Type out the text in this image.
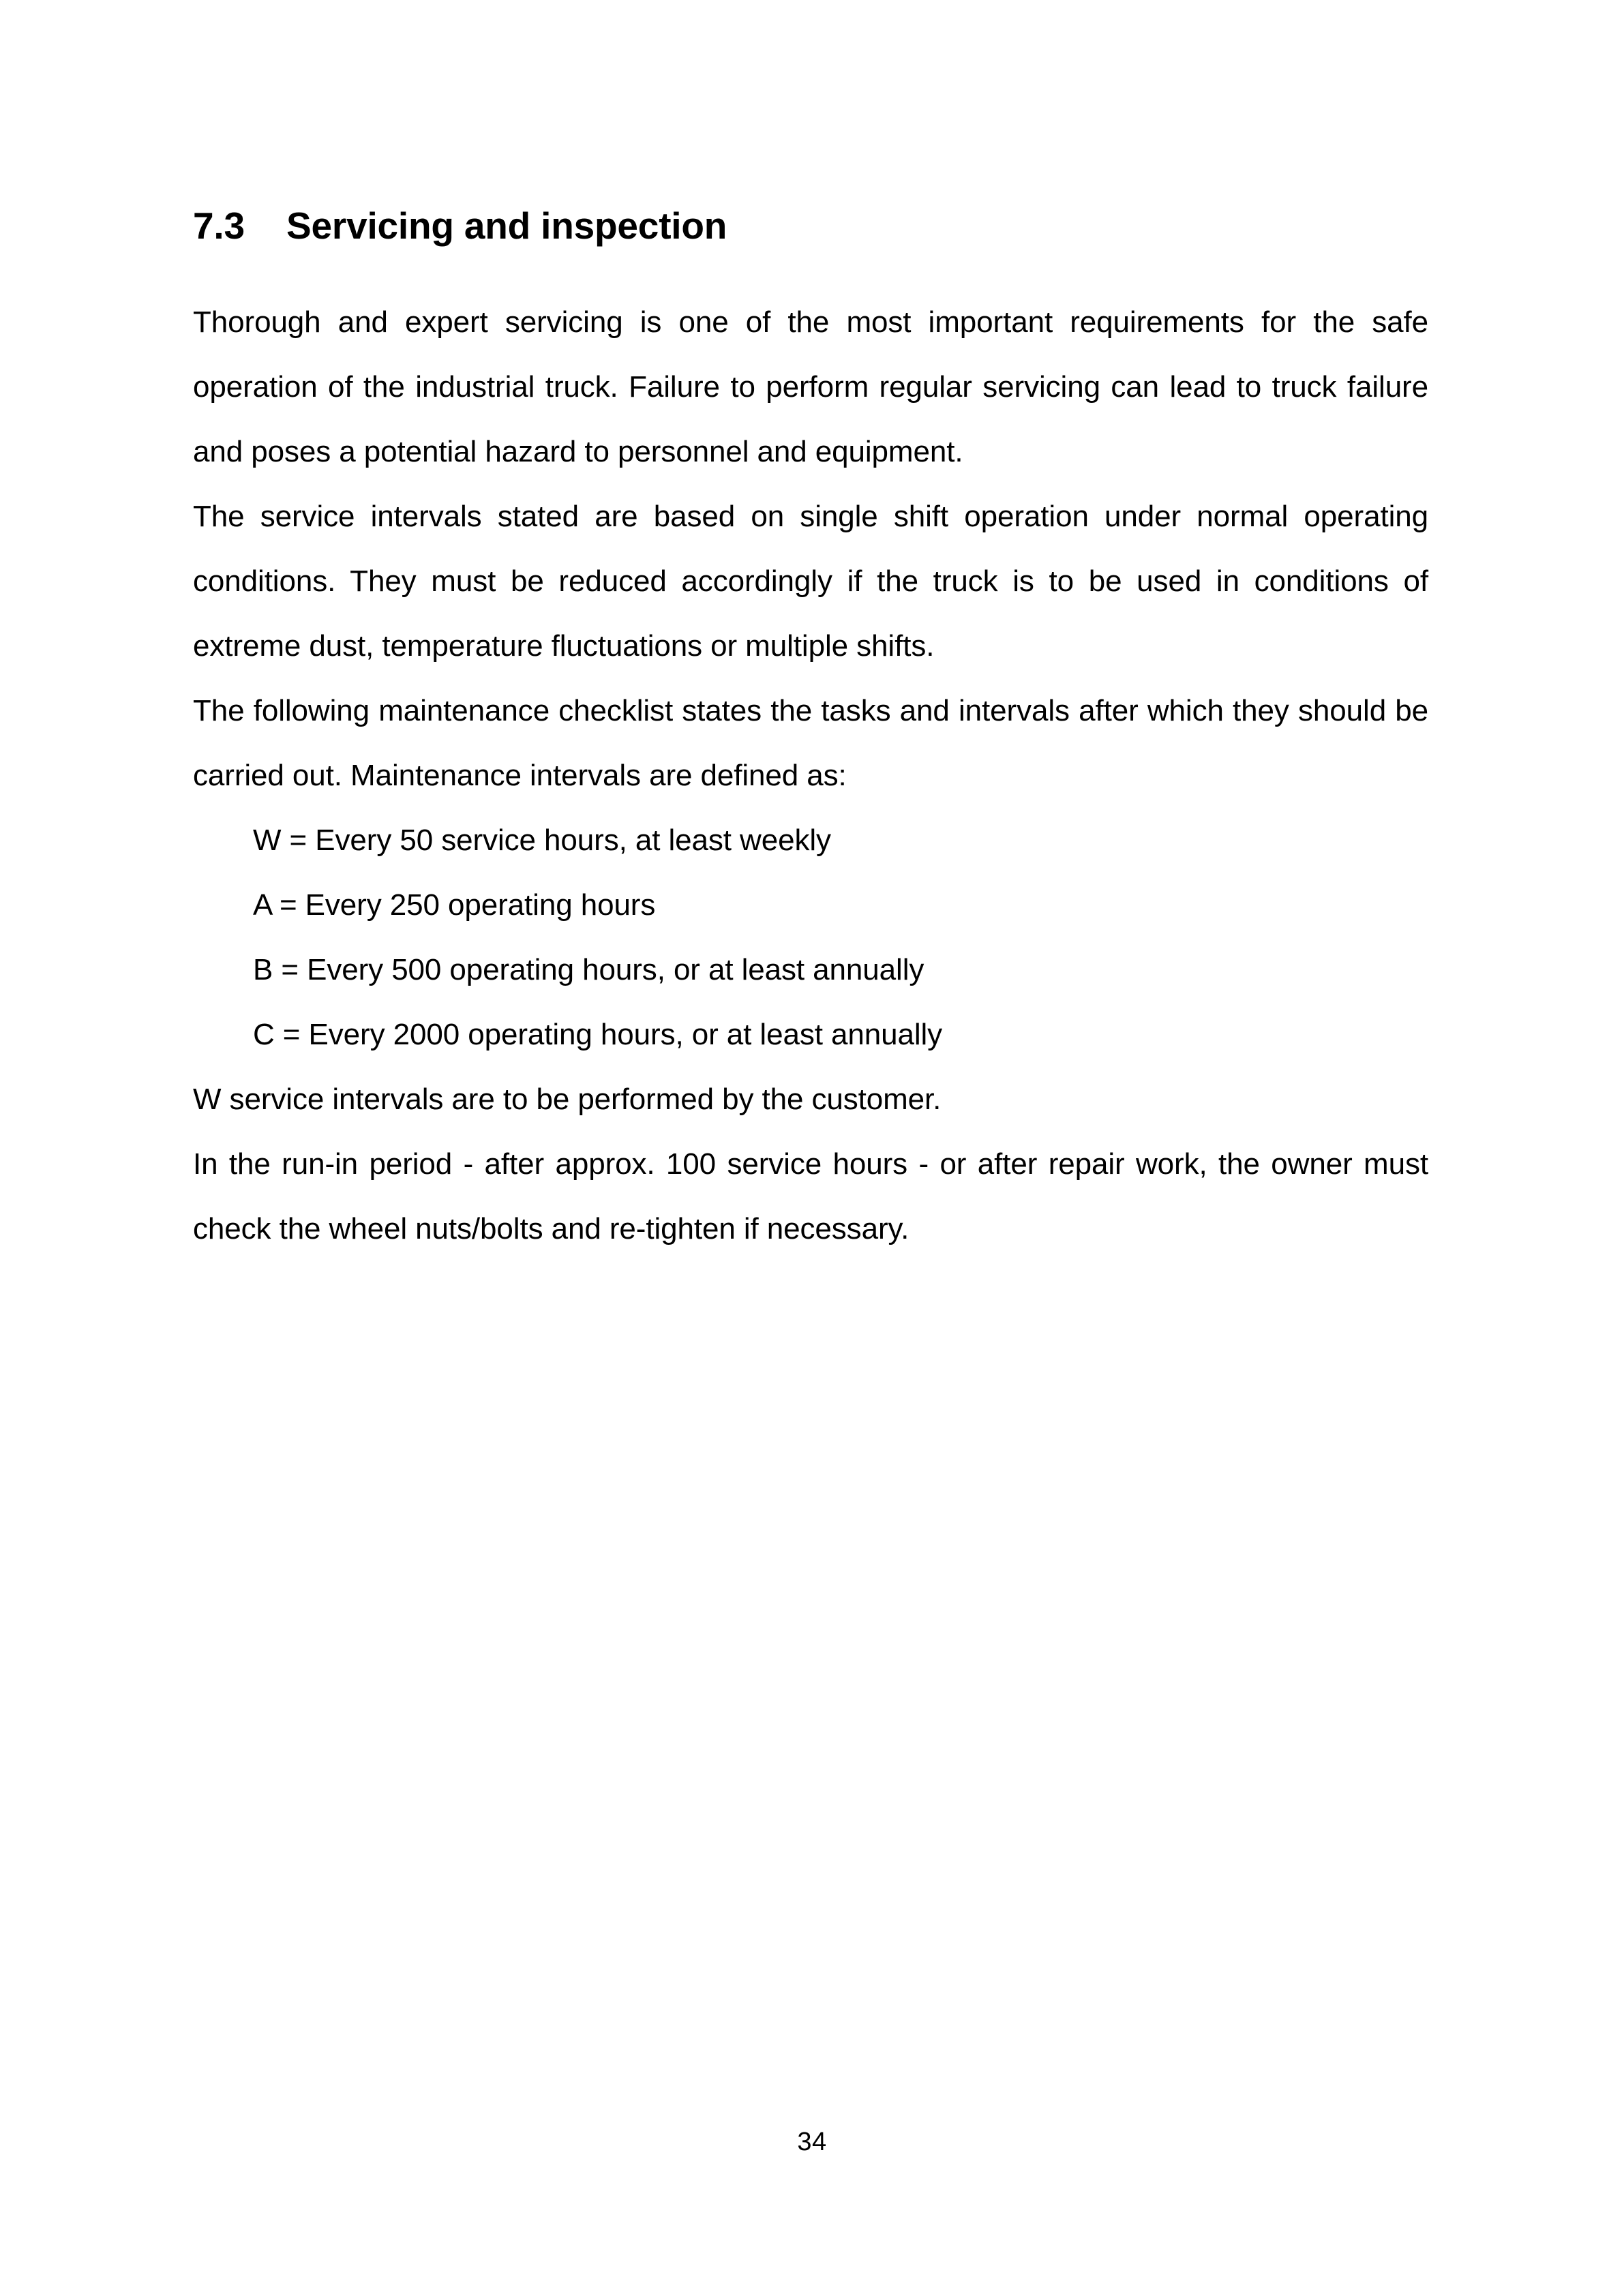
7.3	Servicing and inspection

Thorough and expert servicing is one of the most important requirements for the safe operation of the industrial truck. Failure to perform regular servicing can lead to truck failure and poses a potential hazard to personnel and equipment.

The service intervals stated are based on single shift operation under normal operating conditions. They must be reduced accordingly if the truck is to be used in conditions of extreme dust, temperature fluctuations or multiple shifts.

The following maintenance checklist states the tasks and intervals after which they should be carried out. Maintenance intervals are defined as:

W = Every 50 service hours, at least weekly
A = Every 250 operating hours
B = Every 500 operating hours, or at least annually
C = Every 2000 operating hours, or at least annually

W service intervals are to be performed by the customer.

In the run-in period - after approx. 100 service hours - or after repair work, the owner must check the wheel nuts/bolts and re-tighten if necessary.

34
